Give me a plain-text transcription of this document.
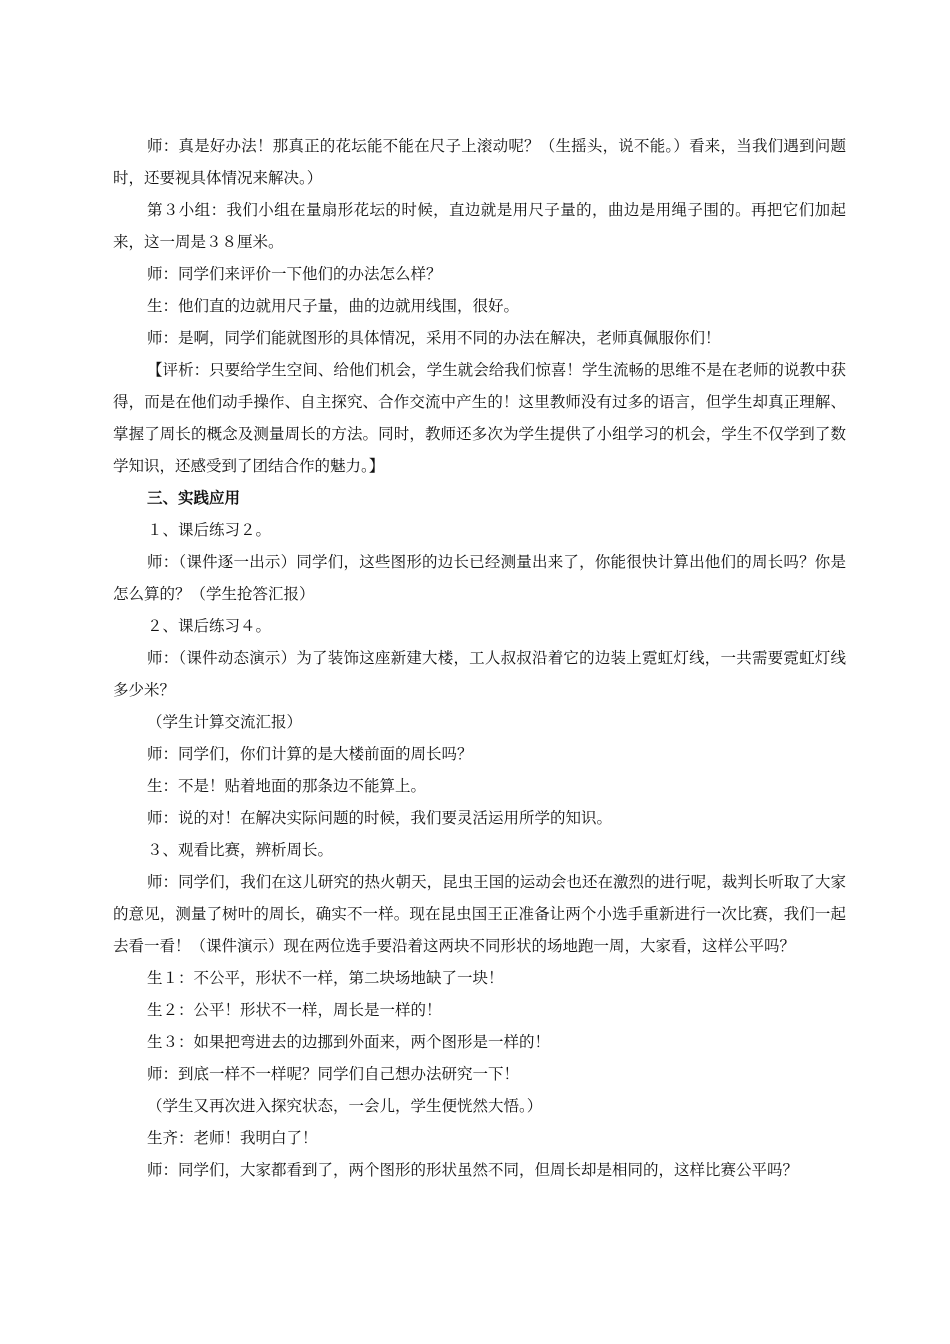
师：真是好办法！那真正的花坛能不能在尺子上滚动呢？（生摇头，说不能。）看来，当我们遇到问题时，还要视具体情况来解决。）

第３小组：我们小组在量扇形花坛的时候，直边就是用尺子量的，曲边是用绳子围的。再把它们加起来，这一周是３８厘米。

师：同学们来评价一下他们的办法怎么样？

生：他们直的边就用尺子量，曲的边就用线围，很好。

师：是啊，同学们能就图形的具体情况，采用不同的办法在解决，老师真佩服你们！

【评析：只要给学生空间、给他们机会，学生就会给我们惊喜！学生流畅的思维不是在老师的说教中获得，而是在他们动手操作、自主探究、合作交流中产生的！这里教师没有过多的语言，但学生却真正理解、掌握了周长的概念及测量周长的方法。同时，教师还多次为学生提供了小组学习的机会，学生不仅学到了数学知识，还感受到了团结合作的魅力。】

三、实践应用

１、课后练习２。

师：（课件逐一出示）同学们，这些图形的边长已经测量出来了，你能很快计算出他们的周长吗？你是怎么算的？（学生抢答汇报）

２、课后练习４。

师：（课件动态演示）为了装饰这座新建大楼，工人叔叔沿着它的边装上霓虹灯线，一共需要霓虹灯线多少米？

（学生计算交流汇报）

师：同学们，你们计算的是大楼前面的周长吗？

生：不是！贴着地面的那条边不能算上。

师：说的对！在解决实际问题的时候，我们要灵活运用所学的知识。

３、观看比赛，辨析周长。

师：同学们，我们在这儿研究的热火朝天，昆虫王国的运动会也还在激烈的进行呢，裁判长听取了大家的意见，测量了树叶的周长，确实不一样。现在昆虫国王正准备让两个小选手重新进行一次比赛，我们一起去看一看！（课件演示）现在两位选手要沿着这两块不同形状的场地跑一周，大家看，这样公平吗？

生１：不公平，形状不一样，第二块场地缺了一块！

生２：公平！形状不一样，周长是一样的！

生３：如果把弯进去的边挪到外面来，两个图形是一样的！

师：到底一样不一样呢？同学们自己想办法研究一下！

（学生又再次进入探究状态，一会儿，学生便恍然大悟。）

生齐：老师！我明白了！

师：同学们，大家都看到了，两个图形的形状虽然不同，但周长却是相同的，这样比赛公平吗？
